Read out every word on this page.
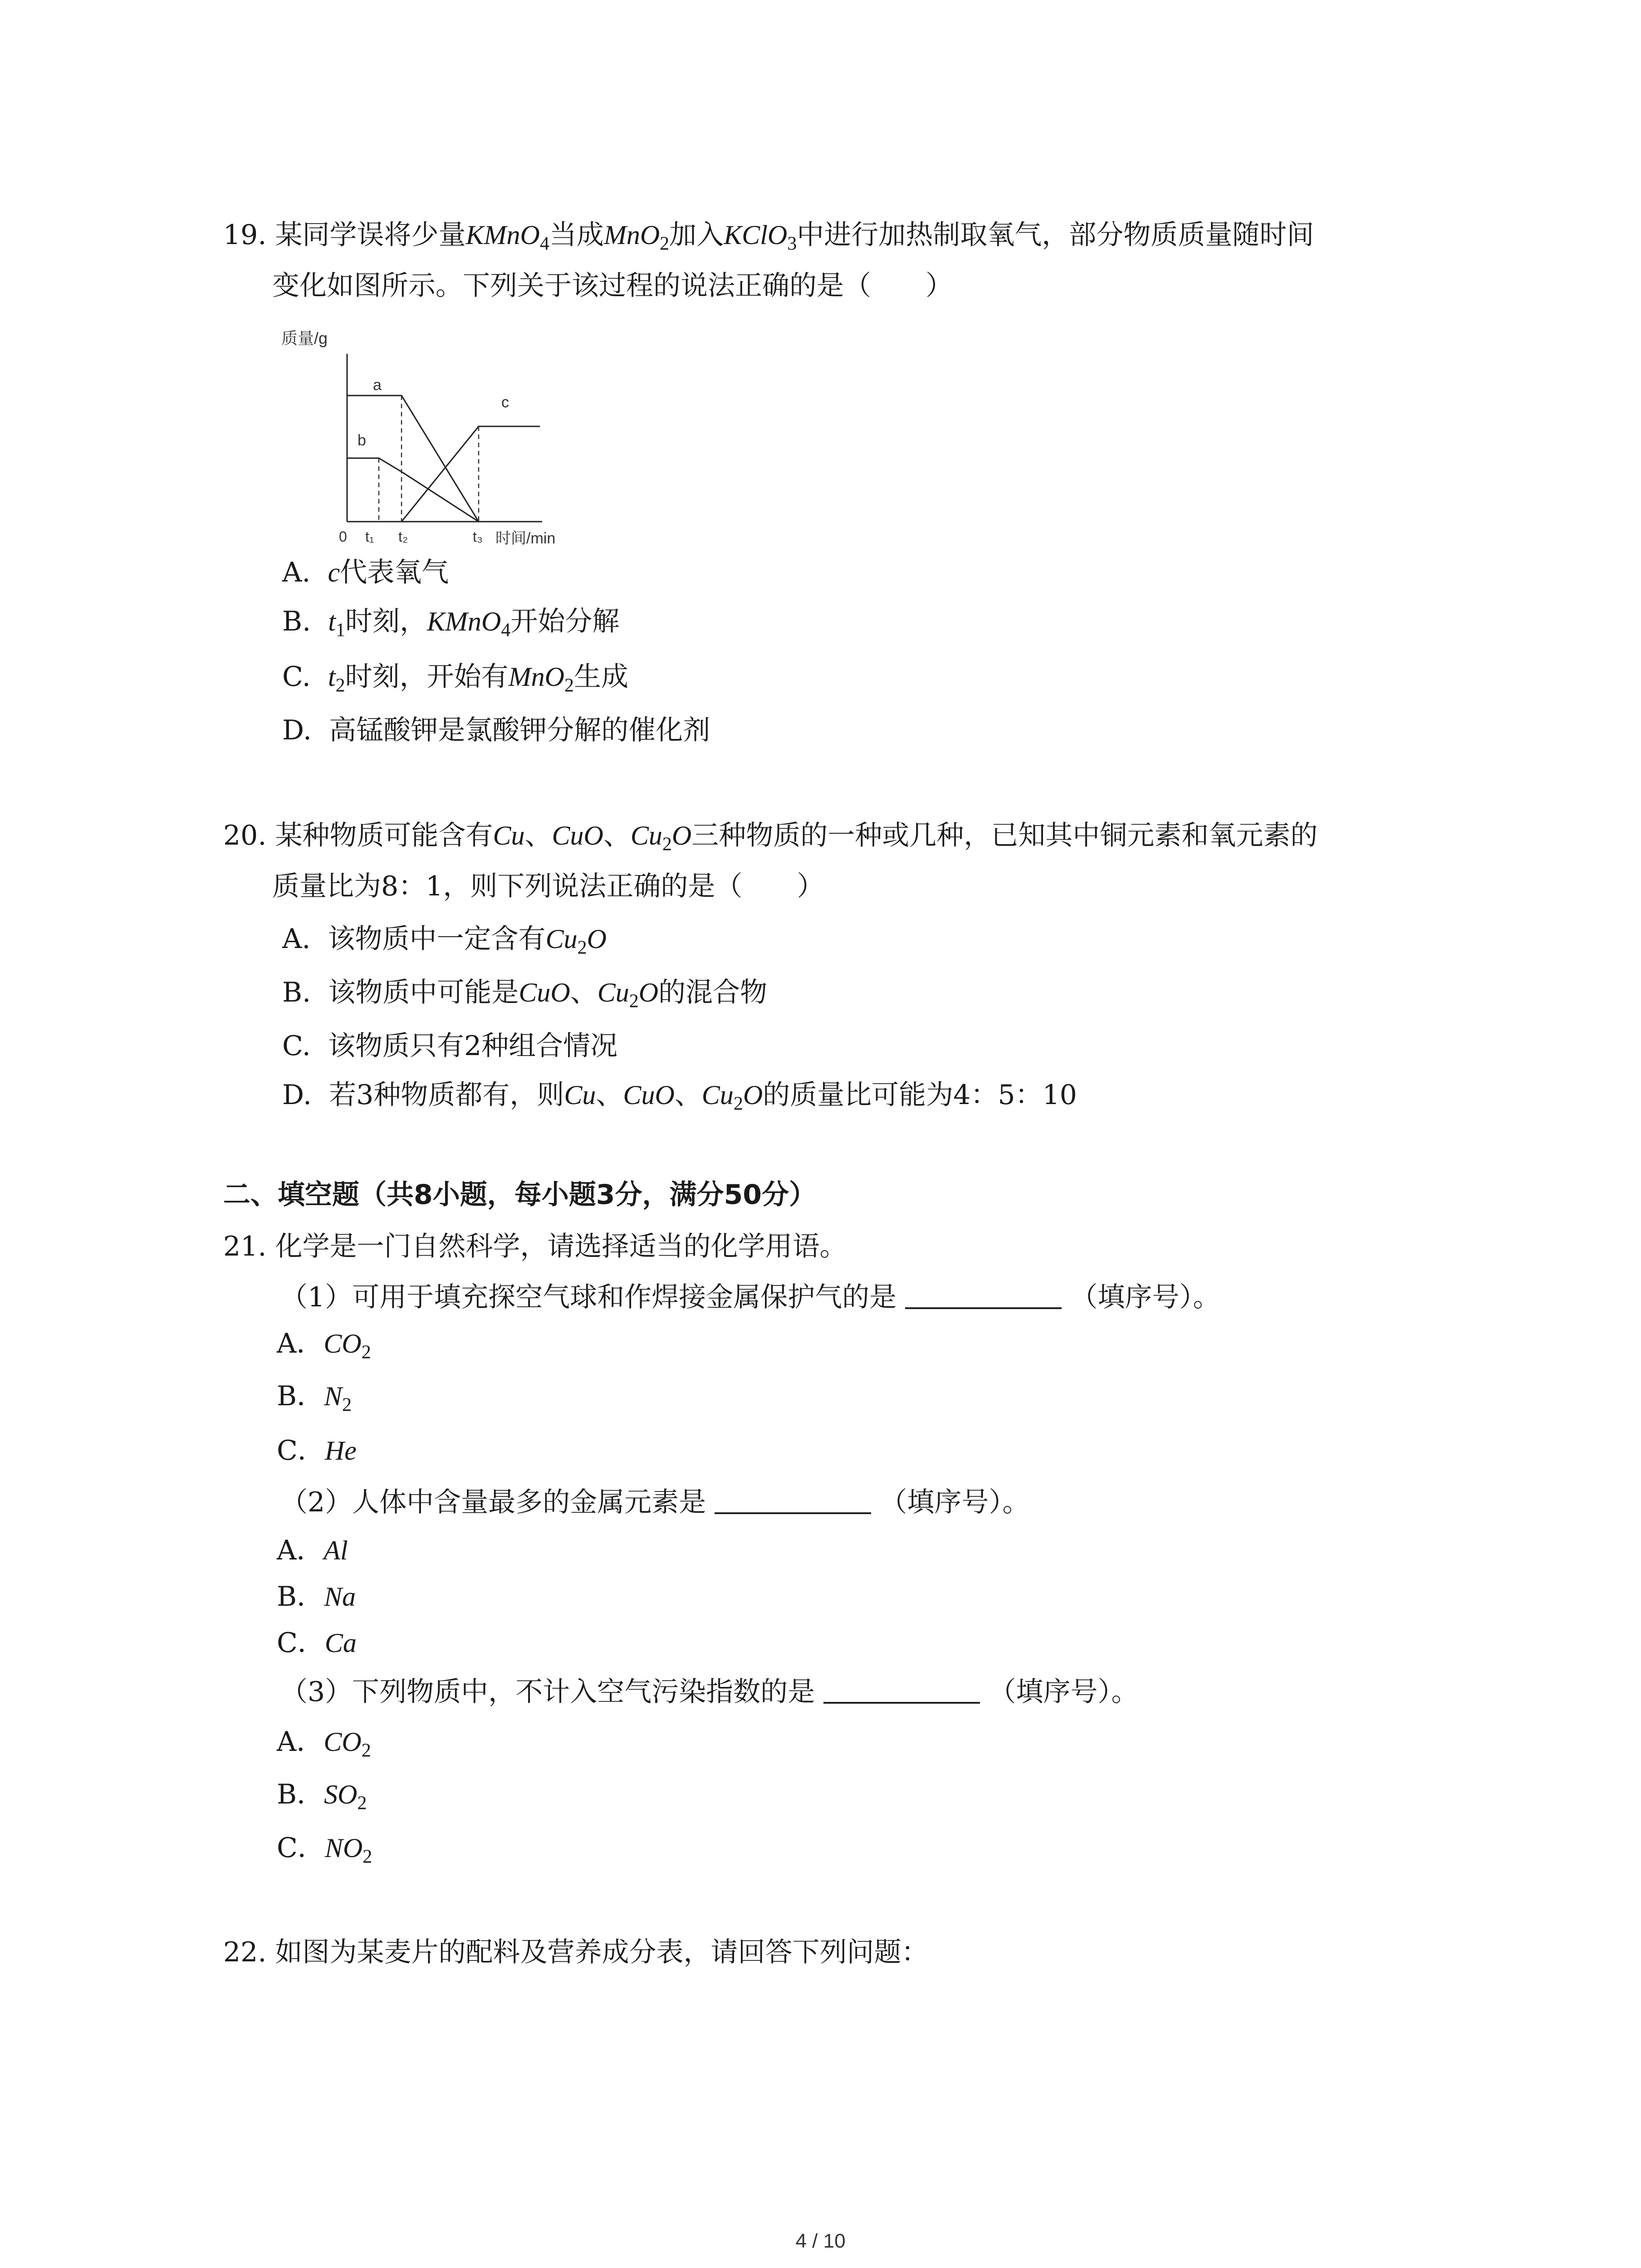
19. 某同学误将少量KMnO$_4$当成MnO$_2$加入KClO$_3$中进行加热制取氧气，部分物质质量随时间
变化如图所示。下列关于该过程的说法正确的是（　　）
质量/g
时间/min
0 t₁ t₂	t₃
a
b
c
A. c代表氧气
B. $t_1$时刻，KMnO$_4$开始分解
C. $t_2$时刻，开始有MnO$_2$生成
D. 高锰酸钾是氯酸钾分解的催化剂
20. 某种物质可能含有Cu、CuO、$Cu_2O$三种物质的一种或几种，已知其中铜元素和氧元素的
质量比为8：1，则下列说法正确的是（　　）
A. 该物质中一定含有$Cu_2O$
B. 该物质中可能是CuO、$Cu_2O$的混合物
C. 该物质只有2种组合情况
D. 若3种物质都有，则Cu、CuO、$Cu_2O$的质量比可能为4：5：10
二、填空题（共8小题，每小题3分，满分50分）
21. 化学是一门自然科学，请选择适当的化学用语。
（1）可用于填充探空气球和作焊接金属保护气的是	（填序号）。
A．$CO_2$
B．$N_2$
C．He
（2）人体中含量最多的金属元素是	（填序号）。
A．Al
B．Na
C．Ca
（3）下列物质中，不计入空气污染指数的是	（填序号）。
A．$CO_2$
B．$SO_2$
C．$NO_2$
22. 如图为某麦片的配料及营养成分表，请回答下列问题：
4 / 10
